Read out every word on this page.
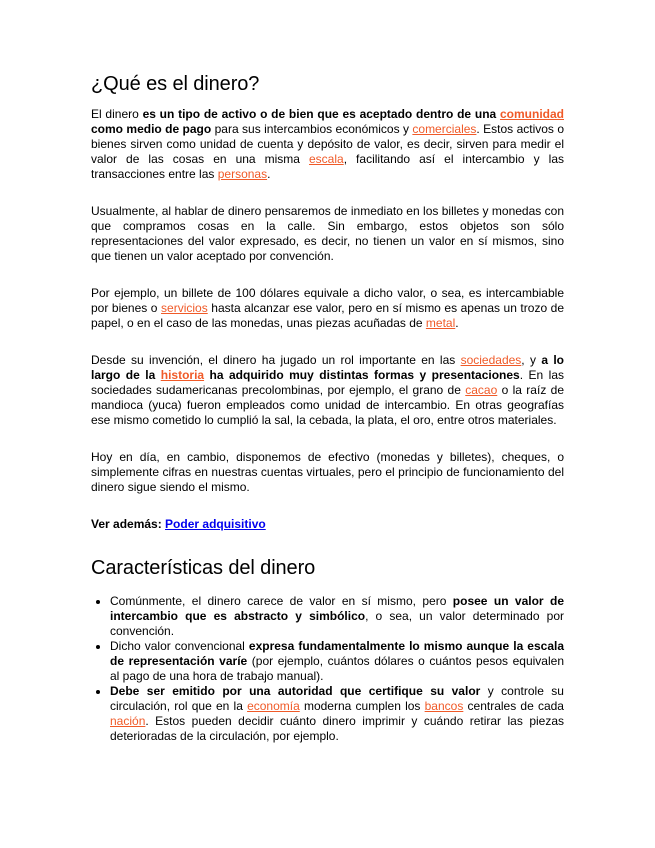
¿Qué es el dinero?

El dinero es un tipo de activo o de bien que es aceptado dentro de una comunidad como medio de pago para sus intercambios económicos y comerciales. Estos activos o bienes sirven como unidad de cuenta y depósito de valor, es decir, sirven para medir el valor de las cosas en una misma escala, facilitando así el intercambio y las transacciones entre las personas.

Usualmente, al hablar de dinero pensaremos de inmediato en los billetes y monedas con que compramos cosas en la calle. Sin embargo, estos objetos son sólo representaciones del valor expresado, es decir, no tienen un valor en sí mismos, sino que tienen un valor aceptado por convención.

Por ejemplo, un billete de 100 dólares equivale a dicho valor, o sea, es intercambiable por bienes o servicios hasta alcanzar ese valor, pero en sí mismo es apenas un trozo de papel, o en el caso de las monedas, unas piezas acuñadas de metal.

Desde su invención, el dinero ha jugado un rol importante en las sociedades, y a lo largo de la historia ha adquirido muy distintas formas y presentaciones. En las sociedades sudamericanas precolombinas, por ejemplo, el grano de cacao o la raíz de mandioca (yuca) fueron empleados como unidad de intercambio. En otras geografías ese mismo cometido lo cumplió la sal, la cebada, la plata, el oro, entre otros materiales.

Hoy en día, en cambio, disponemos de efectivo (monedas y billetes), cheques, o simplemente cifras en nuestras cuentas virtuales, pero el principio de funcionamiento del dinero sigue siendo el mismo.

Ver además: Poder adquisitivo

Características del dinero
• Comúnmente, el dinero carece de valor en sí mismo, pero posee un valor de intercambio que es abstracto y simbólico, o sea, un valor determinado por convención.
• Dicho valor convencional expresa fundamentalmente lo mismo aunque la escala de representación varíe (por ejemplo, cuántos dólares o cuántos pesos equivalen al pago de una hora de trabajo manual).
• Debe ser emitido por una autoridad que certifique su valor y controle su circulación, rol que en la economía moderna cumplen los bancos centrales de cada nación. Estos pueden decidir cuánto dinero imprimir y cuándo retirar las piezas deterioradas de la circulación, por ejemplo.
